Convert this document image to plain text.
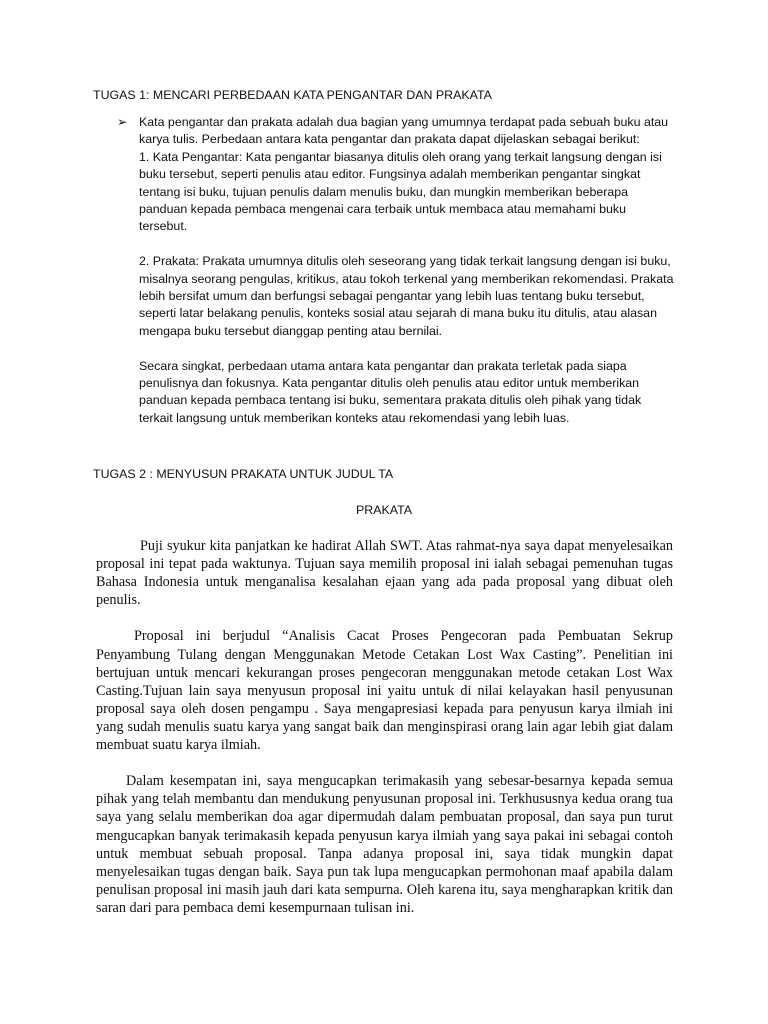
TUGAS 1: MENCARI PERBEDAAN KATA PENGANTAR DAN PRAKATA
➢ Kata pengantar dan prakata adalah dua bagian yang umumnya terdapat pada sebuah buku atau karya tulis. Perbedaan antara kata pengantar dan prakata dapat dijelaskan sebagai berikut:
1. Kata Pengantar: Kata pengantar biasanya ditulis oleh orang yang terkait langsung dengan isi buku tersebut, seperti penulis atau editor. Fungsinya adalah memberikan pengantar singkat tentang isi buku, tujuan penulis dalam menulis buku, dan mungkin memberikan beberapa panduan kepada pembaca mengenai cara terbaik untuk membaca atau memahami buku tersebut.

2. Prakata: Prakata umumnya ditulis oleh seseorang yang tidak terkait langsung dengan isi buku, misalnya seorang pengulas, kritikus, atau tokoh terkenal yang memberikan rekomendasi. Prakata lebih bersifat umum dan berfungsi sebagai pengantar yang lebih luas tentang buku tersebut, seperti latar belakang penulis, konteks sosial atau sejarah di mana buku itu ditulis, atau alasan mengapa buku tersebut dianggap penting atau bernilai.

Secara singkat, perbedaan utama antara kata pengantar dan prakata terletak pada siapa penulisnya dan fokusnya. Kata pengantar ditulis oleh penulis atau editor untuk memberikan panduan kepada pembaca tentang isi buku, sementara prakata ditulis oleh pihak yang tidak terkait langsung untuk memberikan konteks atau rekomendasi yang lebih luas.

TUGAS 2 : MENYUSUN PRAKATA UNTUK JUDUL TA
PRAKATA

Puji syukur kita panjatkan ke hadirat Allah SWT. Atas rahmat-nya saya dapat menyelesaikan proposal ini tepat pada waktunya. Tujuan saya memilih proposal ini ialah sebagai pemenuhan tugas Bahasa Indonesia untuk menganalisa kesalahan ejaan yang ada pada proposal yang dibuat oleh penulis.

Proposal ini berjudul “Analisis Cacat Proses Pengecoran pada Pembuatan Sekrup Penyambung Tulang dengan Menggunakan Metode Cetakan Lost Wax Casting”. Penelitian ini bertujuan untuk mencari kekurangan proses pengecoran menggunakan metode cetakan Lost Wax Casting.Tujuan lain saya menyusun proposal ini yaitu untuk di nilai kelayakan hasil penyusunan proposal saya oleh dosen pengampu . Saya mengapresiasi kepada para penyusun karya ilmiah ini yang sudah menulis suatu karya yang sangat baik dan menginspirasi orang lain agar lebih giat dalam membuat suatu karya ilmiah.

Dalam kesempatan ini, saya mengucapkan terimakasih yang sebesar-besarnya kepada semua pihak yang telah membantu dan mendukung penyusunan proposal ini. Terkhususnya kedua orang tua saya yang selalu memberikan doa agar dipermudah dalam pembuatan proposal, dan saya pun turut mengucapkan banyak terimakasih kepada penyusun karya ilmiah yang saya pakai ini sebagai contoh untuk membuat sebuah proposal. Tanpa adanya proposal ini, saya tidak mungkin dapat menyelesaikan tugas dengan baik. Saya pun tak lupa mengucapkan permohonan maaf apabila dalam penulisan proposal ini masih jauh dari kata sempurna. Oleh karena itu, saya mengharapkan kritik dan saran dari para pembaca demi kesempurnaan tulisan ini.
